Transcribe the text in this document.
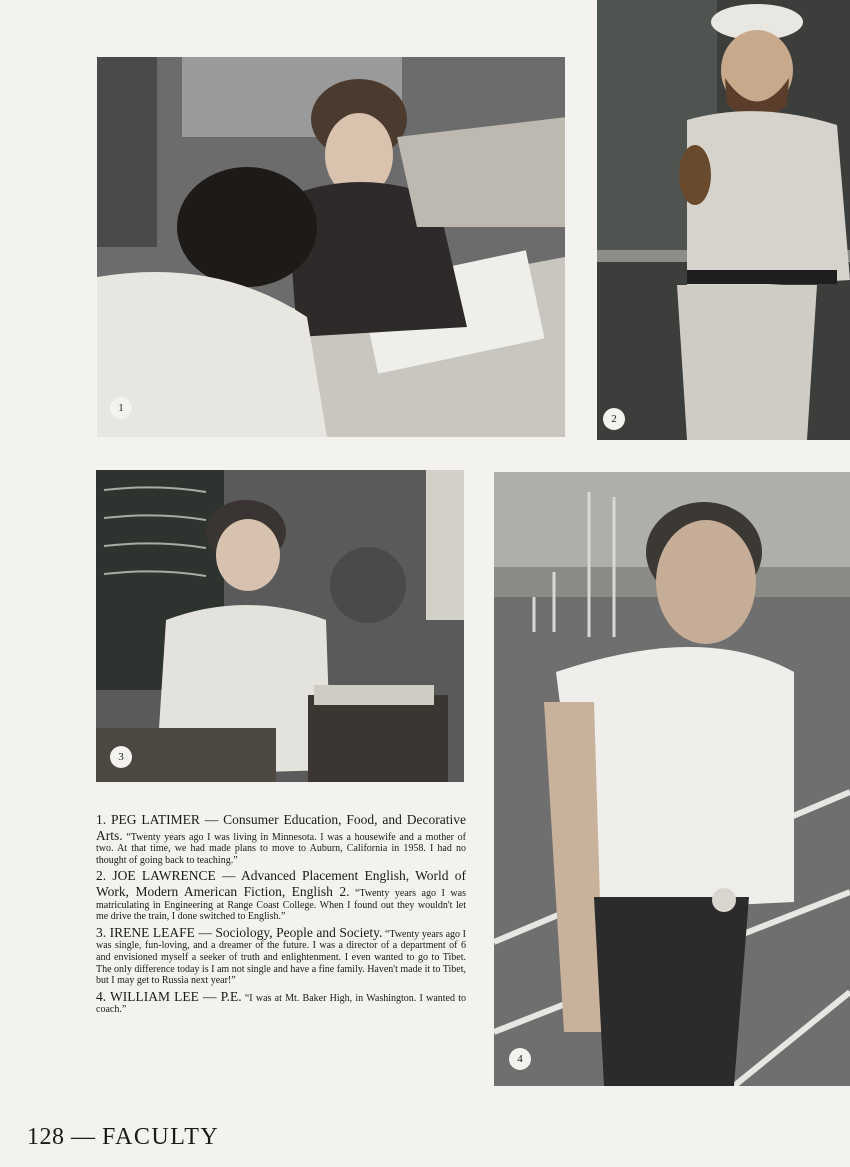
1
2
3
4

1. PEG LATIMER — Consumer Education, Food, and Decorative Arts. “Twenty years ago I was living in Minnesota. I was a housewife and a mother of two. At that time, we had made plans to move to Auburn, California in 1958. I had no thought of going back to teaching.”

2. JOE LAWRENCE — Advanced Placement English, World of Work, Modern American Fiction, English 2. “Twenty years ago I was matriculating in Engineering at Range Coast College. When I found out they wouldn't let me drive the train, I done switched to English.”

3. IRENE LEAFE — Sociology, People and Society. “Twenty years ago I was single, fun-loving, and a dreamer of the future. I was a director of a department of 6 and envisioned myself a seeker of truth and enlightenment. I even wanted to go to Tibet. The only difference today is I am not single and have a fine family. Haven't made it to Tibet, but I may get to Russia next year!”

4. WILLIAM LEE — P.E. “I was at Mt. Baker High, in Washington. I wanted to coach.”

128 — FACULTY
